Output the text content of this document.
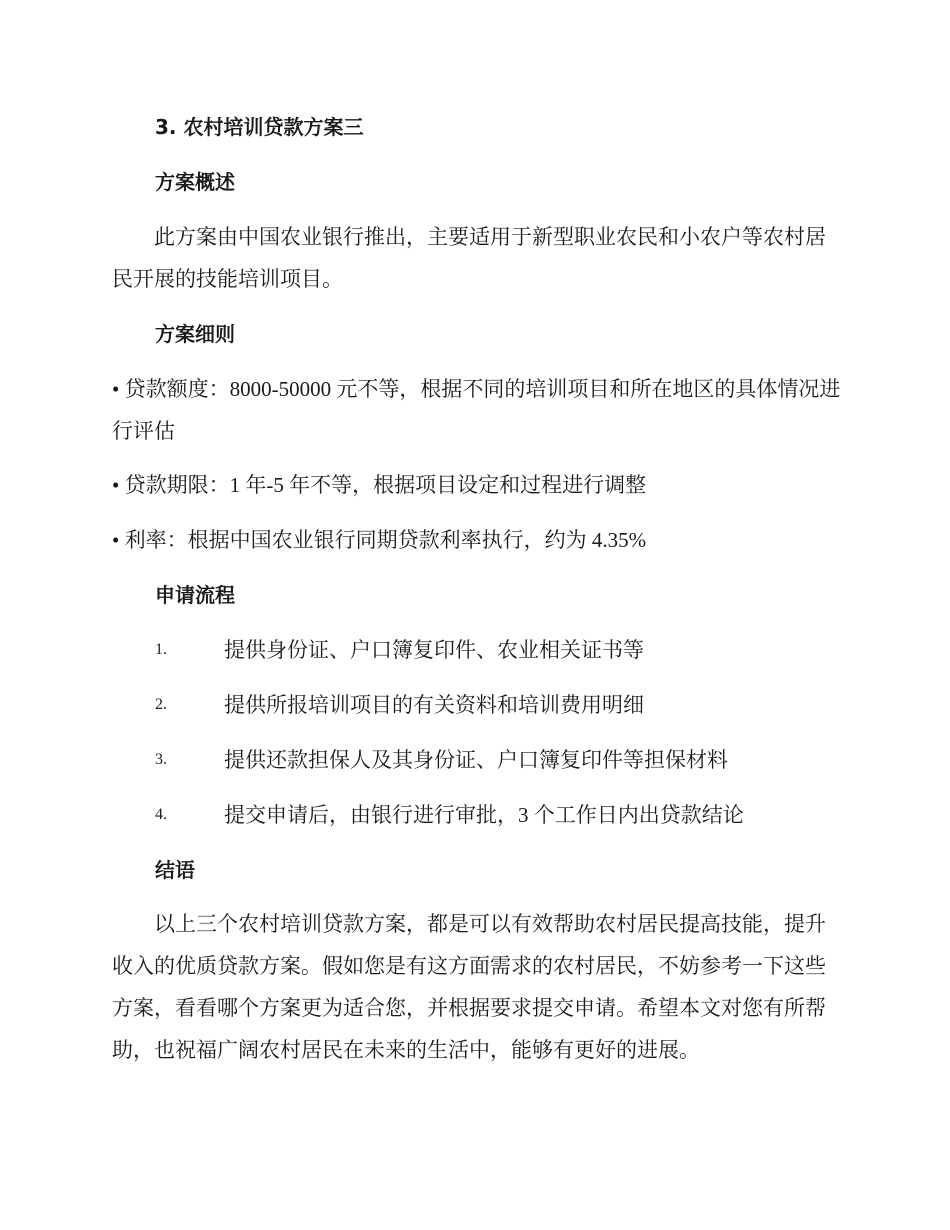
3. 农村培训贷款方案三
方案概述
此方案由中国农业银行推出，主要适用于新型职业农民和小农户等农村居民开展的技能培训项目。
方案细则
• 贷款额度：8000-50000 元不等，根据不同的培训项目和所在地区的具体情况进行评估
• 贷款期限：1 年-5 年不等，根据项目设定和过程进行调整
• 利率：根据中国农业银行同期贷款利率执行，约为 4.35%
申请流程
1.	提供身份证、户口簿复印件、农业相关证书等
2.	提供所报培训项目的有关资料和培训费用明细
3.	提供还款担保人及其身份证、户口簿复印件等担保材料
4.	提交申请后，由银行进行审批，3 个工作日内出贷款结论
结语
以上三个农村培训贷款方案，都是可以有效帮助农村居民提高技能，提升收入的优质贷款方案。假如您是有这方面需求的农村居民，不妨参考一下这些方案，看看哪个方案更为适合您，并根据要求提交申请。希望本文对您有所帮助，也祝福广阔农村居民在未来的生活中，能够有更好的进展。
